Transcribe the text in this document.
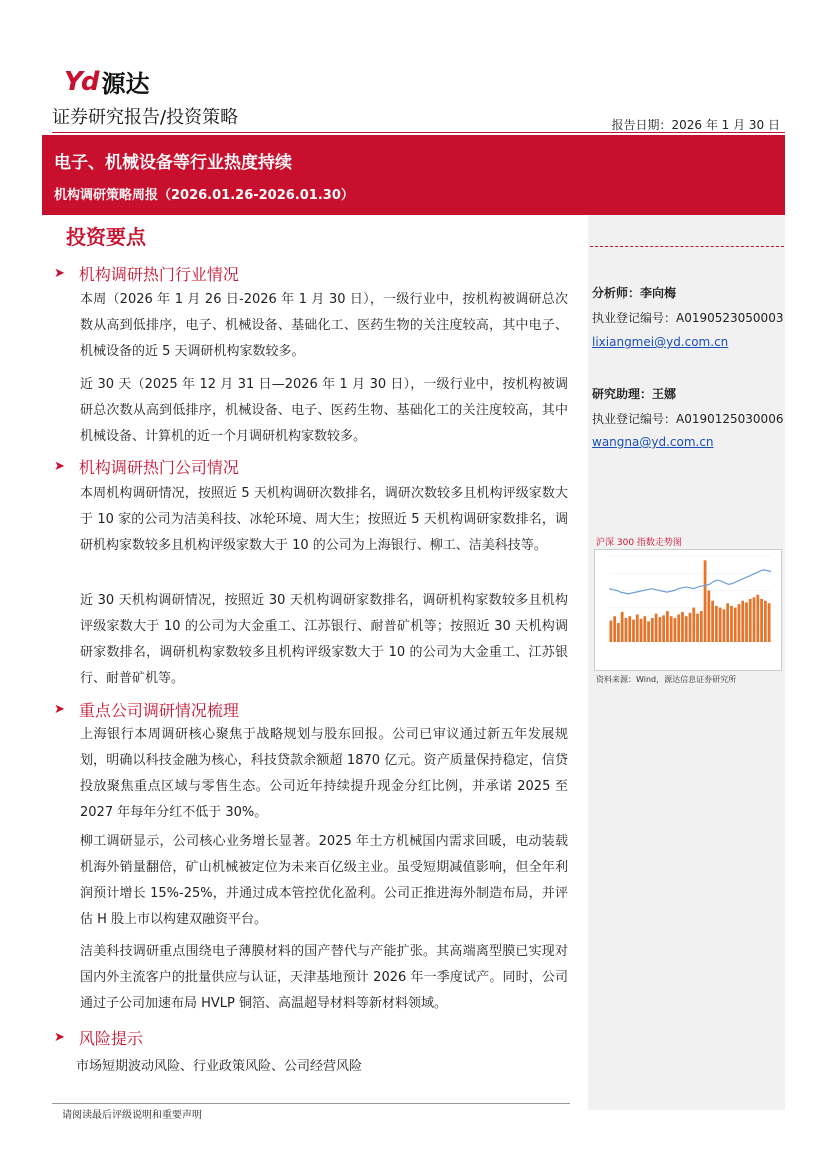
Yd 源达
证券研究报告/投资策略	报告日期：2026 年 1 月 30 日
电子、机械设备等行业热度持续
机构调研策略周报（2026.01.26-2026.01.30）
投资要点
➤ 机构调研热门行业情况
本周（2026 年 1 月 26 日-2026 年 1 月 30 日），一级行业中，按机构被调研总次数从高到低排序，电子、机械设备、基础化工、医药生物的关注度较高，其中电子、机械设备的近 5 天调研机构家数较多。
近 30 天（2025 年 12 月 31 日—2026 年 1 月 30 日），一级行业中，按机构被调研总次数从高到低排序，机械设备、电子、医药生物、基础化工的关注度较高，其中机械设备、计算机的近一个月调研机构家数较多。
➤ 机构调研热门公司情况
本周机构调研情况，按照近 5 天机构调研次数排名，调研次数较多且机构评级家数大于 10 家的公司为洁美科技、冰轮环境、周大生；按照近 5 天机构调研家数排名，调研机构家数较多且机构评级家数大于 10 的公司为上海银行、柳工、洁美科技等。
近 30 天机构调研情况，按照近 30 天机构调研家数排名，调研机构家数较多且机构评级家数大于 10 的公司为大金重工、江苏银行、耐普矿机等；按照近 30 天机构调研家数排名，调研机构家数较多且机构评级家数大于 10 的公司为大金重工、江苏银行、耐普矿机等。
➤ 重点公司调研情况梳理
上海银行本周调研核心聚焦于战略规划与股东回报。公司已审议通过新五年发展规划，明确以科技金融为核心，科技贷款余额超 1870 亿元。资产质量保持稳定，信贷投放聚焦重点区域与零售生态。公司近年持续提升现金分红比例，并承诺 2025 至 2027 年每年分红不低于 30%。
柳工调研显示，公司核心业务增长显著。2025 年土方机械国内需求回暖，电动装载机海外销量翻倍，矿山机械被定位为未来百亿级主业。虽受短期减值影响，但全年利润预计增长 15%-25%，并通过成本管控优化盈利。公司正推进海外制造布局，并评估 H 股上市以构建双融资平台。
洁美科技调研重点围绕电子薄膜材料的国产替代与产能扩张。其高端离型膜已实现对国内外主流客户的批量供应与认证，天津基地预计 2026 年一季度试产。同时，公司通过子公司加速布局 HVLP 铜箔、高温超导材料等新材料领域。
➤ 风险提示
市场短期波动风险、行业政策风险、公司经营风险
请阅读最后评级说明和重要声明
分析师：李向梅
执业登记编号：A0190523050003
lixiangmei@yd.com.cn
研究助理：王娜
执业登记编号：A0190125030006
wangna@yd.com.cn
沪深 300 指数走势图
资料来源：Wind，源达信息证券研究所
